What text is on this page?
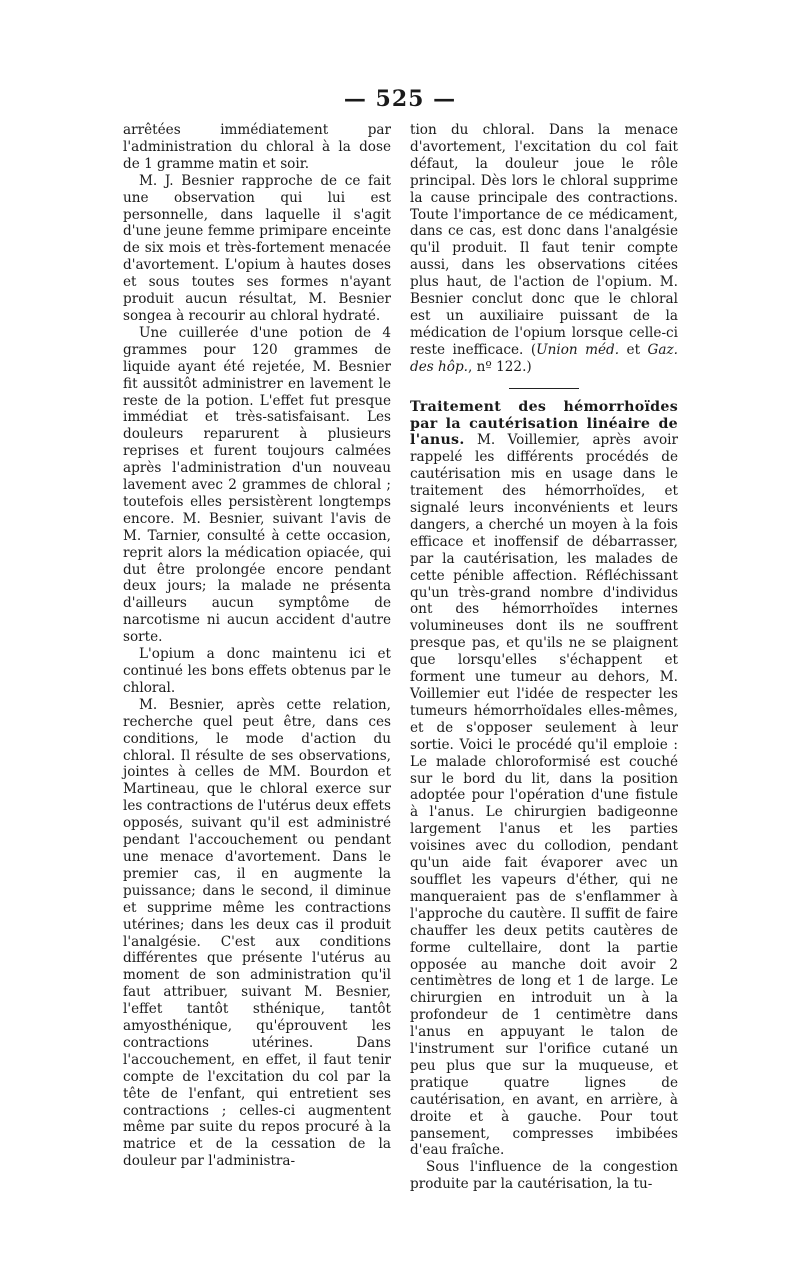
— 525 —

arrêtées immédiatement par l'administration du chloral à la dose de 1 gramme matin et soir.

M. J. Besnier rapproche de ce fait une observation qui lui est personnelle, dans laquelle il s'agit d'une jeune femme primipare enceinte de six mois et très-fortement menacée d'avortement. L'opium à hautes doses et sous toutes ses formes n'ayant produit aucun résultat, M. Besnier songea à recourir au chloral hydraté.

Une cuillerée d'une potion de 4 grammes pour 120 grammes de liquide ayant été rejetée, M. Besnier fit aussitôt administrer en lavement le reste de la potion. L'effet fut presque immédiat et très-satisfaisant. Les douleurs reparurent à plusieurs reprises et furent toujours calmées après l'administration d'un nouveau lavement avec 2 grammes de chloral ; toutefois elles persistèrent longtemps encore. M. Besnier, suivant l'avis de M. Tarnier, consulté à cette occasion, reprit alors la médication opiacée, qui dut être prolongée encore pendant deux jours; la malade ne présenta d'ailleurs aucun symptôme de narcotisme ni aucun accident d'autre sorte.

L'opium a donc maintenu ici et continué les bons effets obtenus par le chloral.

M. Besnier, après cette relation, recherche quel peut être, dans ces conditions, le mode d'action du chloral. Il résulte de ses observations, jointes à celles de MM. Bourdon et Martineau, que le chloral exerce sur les contractions de l'utérus deux effets opposés, suivant qu'il est administré pendant l'accouchement ou pendant une menace d'avortement. Dans le premier cas, il en augmente la puissance; dans le second, il diminue et supprime même les contractions utérines; dans les deux cas il produit l'analgésie. C'est aux conditions différentes que présente l'utérus au moment de son administration qu'il faut attribuer, suivant M. Besnier, l'effet tantôt sthénique, tantôt amyosthénique, qu'éprouvent les contractions utérines. Dans l'accouchement, en effet, il faut tenir compte de l'excitation du col par la tête de l'enfant, qui entretient ses contractions ; celles-ci augmentent même par suite du repos procuré à la matrice et de la cessation de la douleur par l'administra-

tion du chloral. Dans la menace d'avortement, l'excitation du col fait défaut, la douleur joue le rôle principal. Dès lors le chloral supprime la cause principale des contractions. Toute l'importance de ce médicament, dans ce cas, est donc dans l'analgésie qu'il produit. Il faut tenir compte aussi, dans les observations citées plus haut, de l'action de l'opium. M. Besnier conclut donc que le chloral est un auxiliaire puissant de la médication de l'opium lorsque celle-ci reste inefficace. (Union méd. et Gaz. des hôp., nº 122.)

Traitement des hémorrhoïdes par la cautérisation linéaire de l'anus. M. Voillemier, après avoir rappelé les différents procédés de cautérisation mis en usage dans le traitement des hémorrhoïdes, et signalé leurs inconvénients et leurs dangers, a cherché un moyen à la fois efficace et inoffensif de débarrasser, par la cautérisation, les malades de cette pénible affection. Réfléchissant qu'un très-grand nombre d'individus ont des hémorrhoïdes internes volumineuses dont ils ne souffrent presque pas, et qu'ils ne se plaignent que lorsqu'elles s'échappent et forment une tumeur au dehors, M. Voillemier eut l'idée de respecter les tumeurs hémorrhoïdales elles-mêmes, et de s'opposer seulement à leur sortie. Voici le procédé qu'il emploie : Le malade chloroformisé est couché sur le bord du lit, dans la position adoptée pour l'opération d'une fistule à l'anus. Le chirurgien badigeonne largement l'anus et les parties voisines avec du collodion, pendant qu'un aide fait évaporer avec un soufflet les vapeurs d'éther, qui ne manqueraient pas de s'enflammer à l'approche du cautère. Il suffit de faire chauffer les deux petits cautères de forme cultellaire, dont la partie opposée au manche doit avoir 2 centimètres de long et 1 de large. Le chirurgien en introduit un à la profondeur de 1 centimètre dans l'anus en appuyant le talon de l'instrument sur l'orifice cutané un peu plus que sur la muqueuse, et pratique quatre lignes de cautérisation, en avant, en arrière, à droite et à gauche. Pour tout pansement, compresses imbibées d'eau fraîche.

Sous l'influence de la congestion produite par la cautérisation, la tu-
